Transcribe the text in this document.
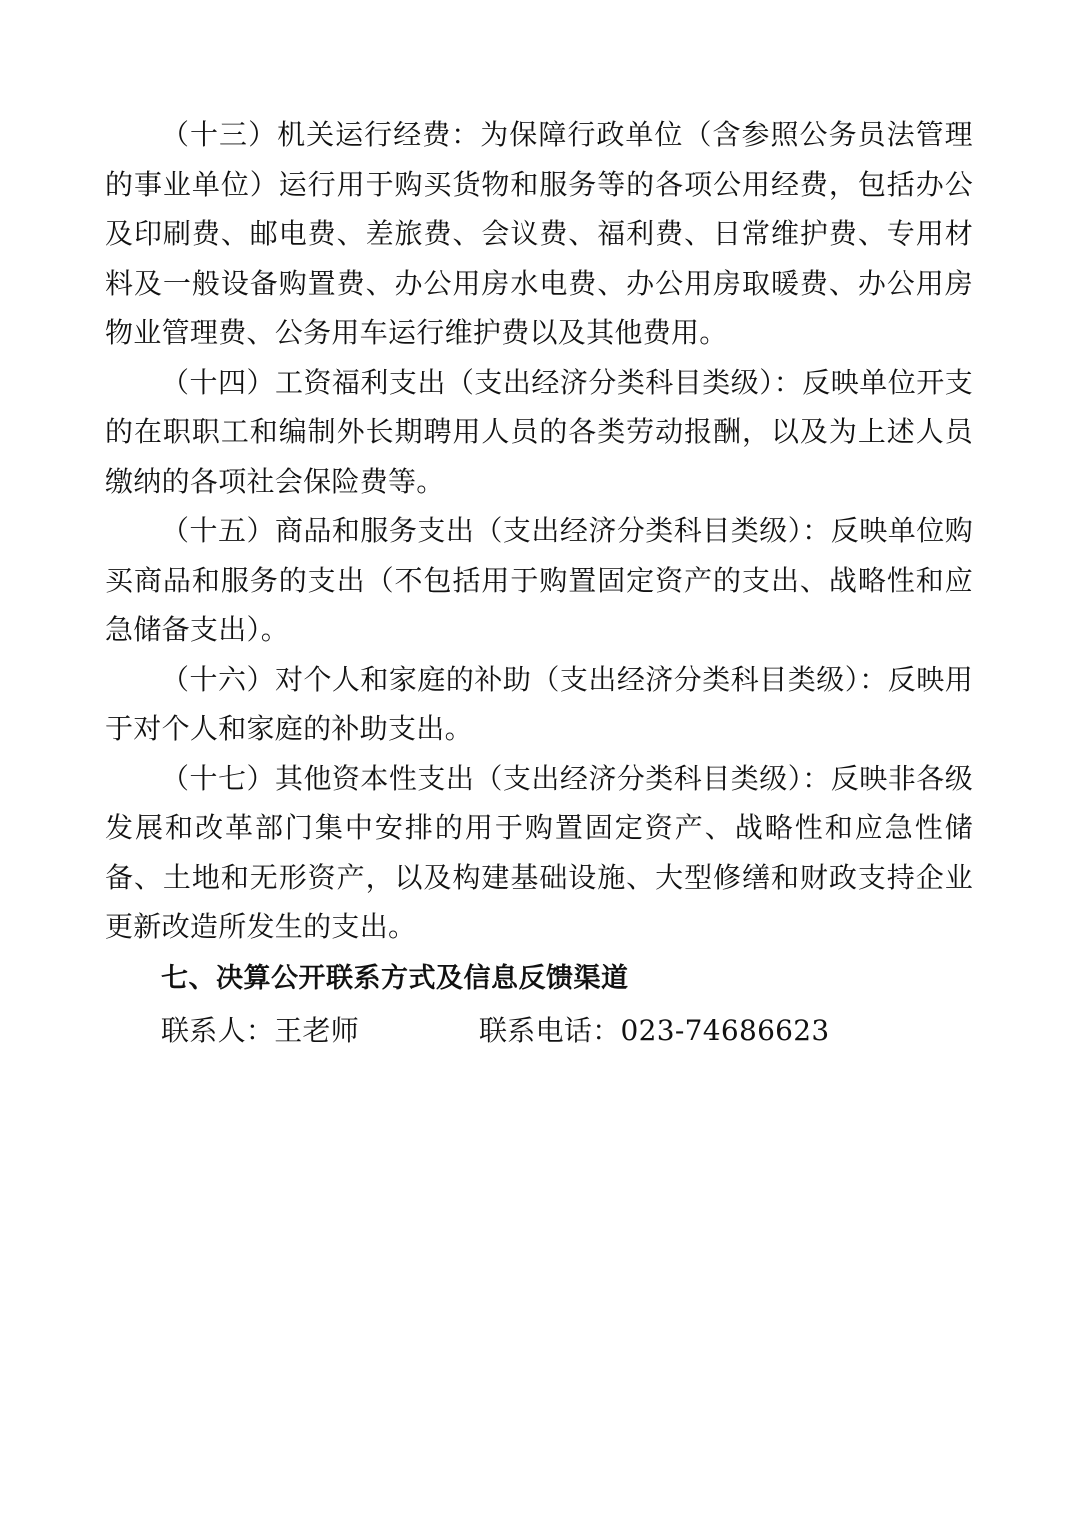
（十三）机关运行经费：为保障行政单位（含参照公务员法管理的事业单位）运行用于购买货物和服务等的各项公用经费，包括办公及印刷费、邮电费、差旅费、会议费、福利费、日常维护费、专用材料及一般设备购置费、办公用房水电费、办公用房取暖费、办公用房物业管理费、公务用车运行维护费以及其他费用。

（十四）工资福利支出（支出经济分类科目类级）：反映单位开支的在职职工和编制外长期聘用人员的各类劳动报酬，以及为上述人员缴纳的各项社会保险费等。

（十五）商品和服务支出（支出经济分类科目类级）：反映单位购买商品和服务的支出（不包括用于购置固定资产的支出、战略性和应急储备支出）。

（十六）对个人和家庭的补助（支出经济分类科目类级）：反映用于对个人和家庭的补助支出。

（十七）其他资本性支出（支出经济分类科目类级）：反映非各级发展和改革部门集中安排的用于购置固定资产、战略性和应急性储备、土地和无形资产，以及构建基础设施、大型修缮和财政支持企业更新改造所发生的支出。

七、决算公开联系方式及信息反馈渠道
联系人：王老师	联系电话：023-74686623
